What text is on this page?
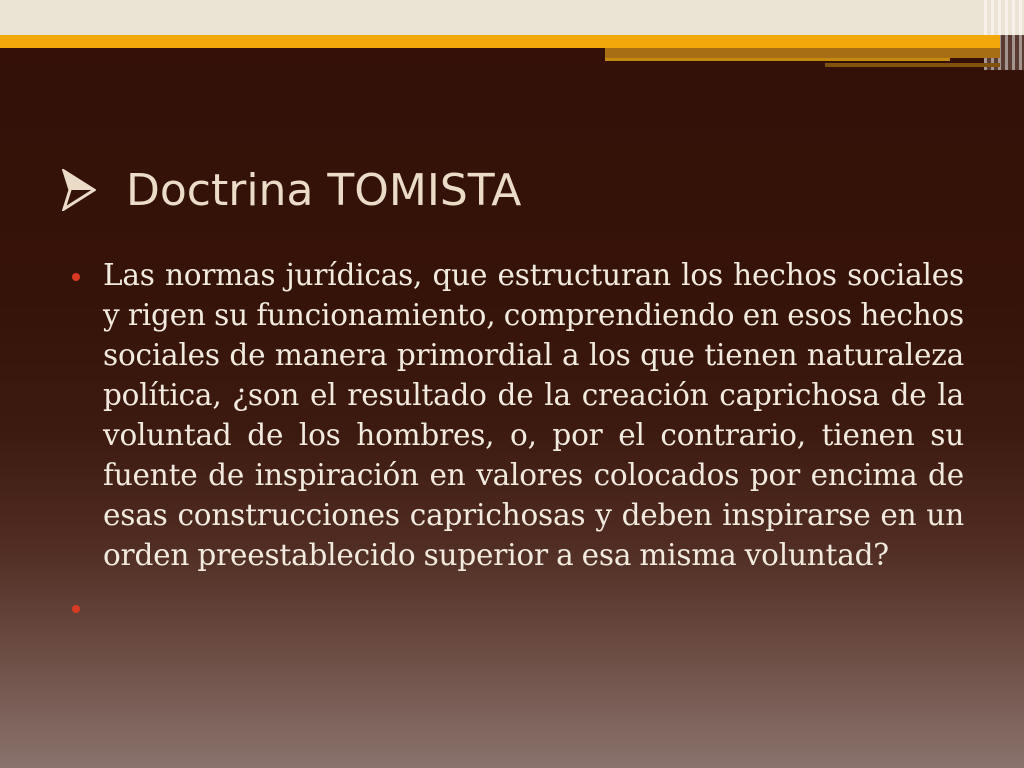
Doctrina TOMISTA
Las normas jurídicas, que estructuran los hechos sociales y rigen su funcionamiento, comprendiendo en esos hechos sociales de manera primordial a los que tienen naturaleza política, ¿son el resultado de la creación caprichosa de la voluntad de los hombres, o, por el contrario, tienen su fuente de inspiración en valores colocados por encima de esas construcciones caprichosas y deben inspirarse en un orden preestablecido superior a esa misma voluntad?
